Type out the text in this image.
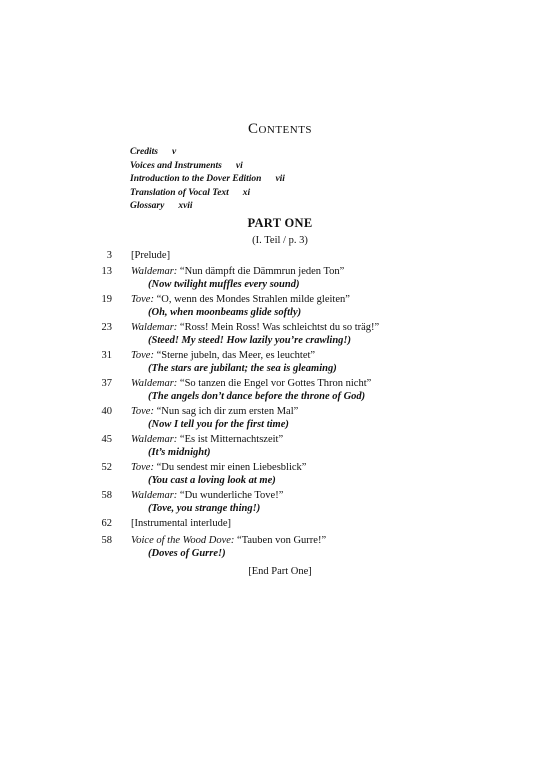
Contents
Credits v
Voices and Instruments vi
Introduction to the Dover Edition vii
Translation of Vocal Text xi
Glossary xvii
PART ONE
(I. Teil / p. 3)
3 [Prelude]
13 Waldemar: “Nun dämpft die Dämmrun jeden Ton”
(Now twilight muffles every sound)
19 Tove: “O, wenn des Mondes Strahlen milde gleiten”
(Oh, when moonbeams glide softly)
23 Waldemar: “Ross! Mein Ross! Was schleichtst du so träg!”
(Steed! My steed! How lazily you’re crawling!)
31 Tove: “Sterne jubeln, das Meer, es leuchtet”
(The stars are jubilant; the sea is gleaming)
37 Waldemar: “So tanzen die Engel vor Gottes Thron nicht”
(The angels don’t dance before the throne of God)
40 Tove: “Nun sag ich dir zum ersten Mal”
(Now I tell you for the first time)
45 Waldemar: “Es ist Mitternachtszeit”
(It’s midnight)
52 Tove: “Du sendest mir einen Liebesblick”
(You cast a loving look at me)
58 Waldemar: “Du wunderliche Tove!”
(Tove, you strange thing!)
62 [Instrumental interlude]
58 Voice of the Wood Dove: “Tauben von Gurre!”
(Doves of Gurre!)
[End Part One]
